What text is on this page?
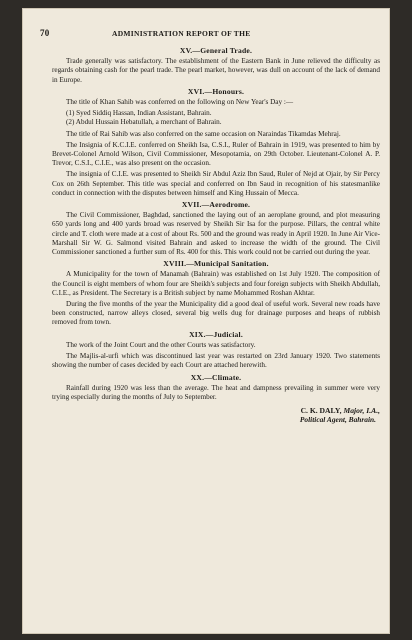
70	ADMINISTRATION REPORT OF THE
XV.—General Trade.

Trade generally was satisfactory. The establishment of the Eastern Bank in June relieved the difficulty as regards obtaining cash for the pearl trade. The pearl market, however, was dull on account of the lack of demand in Europe.

XVI.—Honours.

The title of Khan Sahib was conferred on the following on New Year's Day :—

(1) Syed Siddiq Hassan, Indian Assistant, Bahrain.
(2) Abdul Hussain Hebatullah, a merchant of Bahrain.

The title of Rai Sahib was also conferred on the same occasion on Naraindas Tikamdas Mehraj.

The Insignia of K.C.I.E. conferred on Sheikh Isa, C.S.I., Ruler of Bahrain in 1919, was presented to him by Brevet-Colonel Arnold Wilson, Civil Commissioner, Mesopotamia, on 29th October. Lieutenant-Colonel A. P. Trevor, C.S.I., C.I.E., was also present on the occasion.

The insignia of C.I.E. was presented to Sheikh Sir Abdul Aziz Ibn Saud, Ruler of Nejd at Ojair, by Sir Percy Cox on 26th September. This title was special and conferred on Ibn Saud in recognition of his statesmanlike conduct in connection with the disputes between himself and King Hussain of Mecca.

XVII.—Aerodrome.

The Civil Commissioner, Baghdad, sanctioned the laying out of an aeroplane ground, and plot measuring 650 yards long and 400 yards broad was reserved by Sheikh Sir Isa for the purpose. Pillars, the central white circle and T. cloth were made at a cost of about Rs. 500 and the ground was ready in April 1920. In June Air Vice-Marshall Sir W. G. Salmond visited Bahrain and asked to increase the width of the ground. The Civil Commissioner sanctioned a further sum of Rs. 400 for this. This work could not be carried out during the year.

XVIII.—Municipal Sanitation.

A Municipality for the town of Manamah (Bahrain) was established on 1st July 1920. The composition of the Council is eight members of whom four are Sheikh's subjects and four foreign subjects with Sheikh Abdullah, C.I.E., as President. The Secretary is a British subject by name Mohammed Roshan Akhtar.

During the five months of the year the Municipality did a good deal of useful work. Several new roads have been constructed, narrow alleys closed, several big wells dug for drainage purposes and heaps of rubbish removed from town.

XIX.—Judicial.

The work of the Joint Court and the other Courts was satisfactory.

The Majlis-al-urfi which was discontinued last year was restarted on 23rd January 1920. Two statements showing the number of cases decided by each Court are attached herewith.

XX.—Climate.

Rainfall during 1920 was less than the average. The heat and dampness prevailing in summer were very trying especially during the months of July to September.

C. K. DALY, Major, I.A.,
Political Agent, Bahrain.
